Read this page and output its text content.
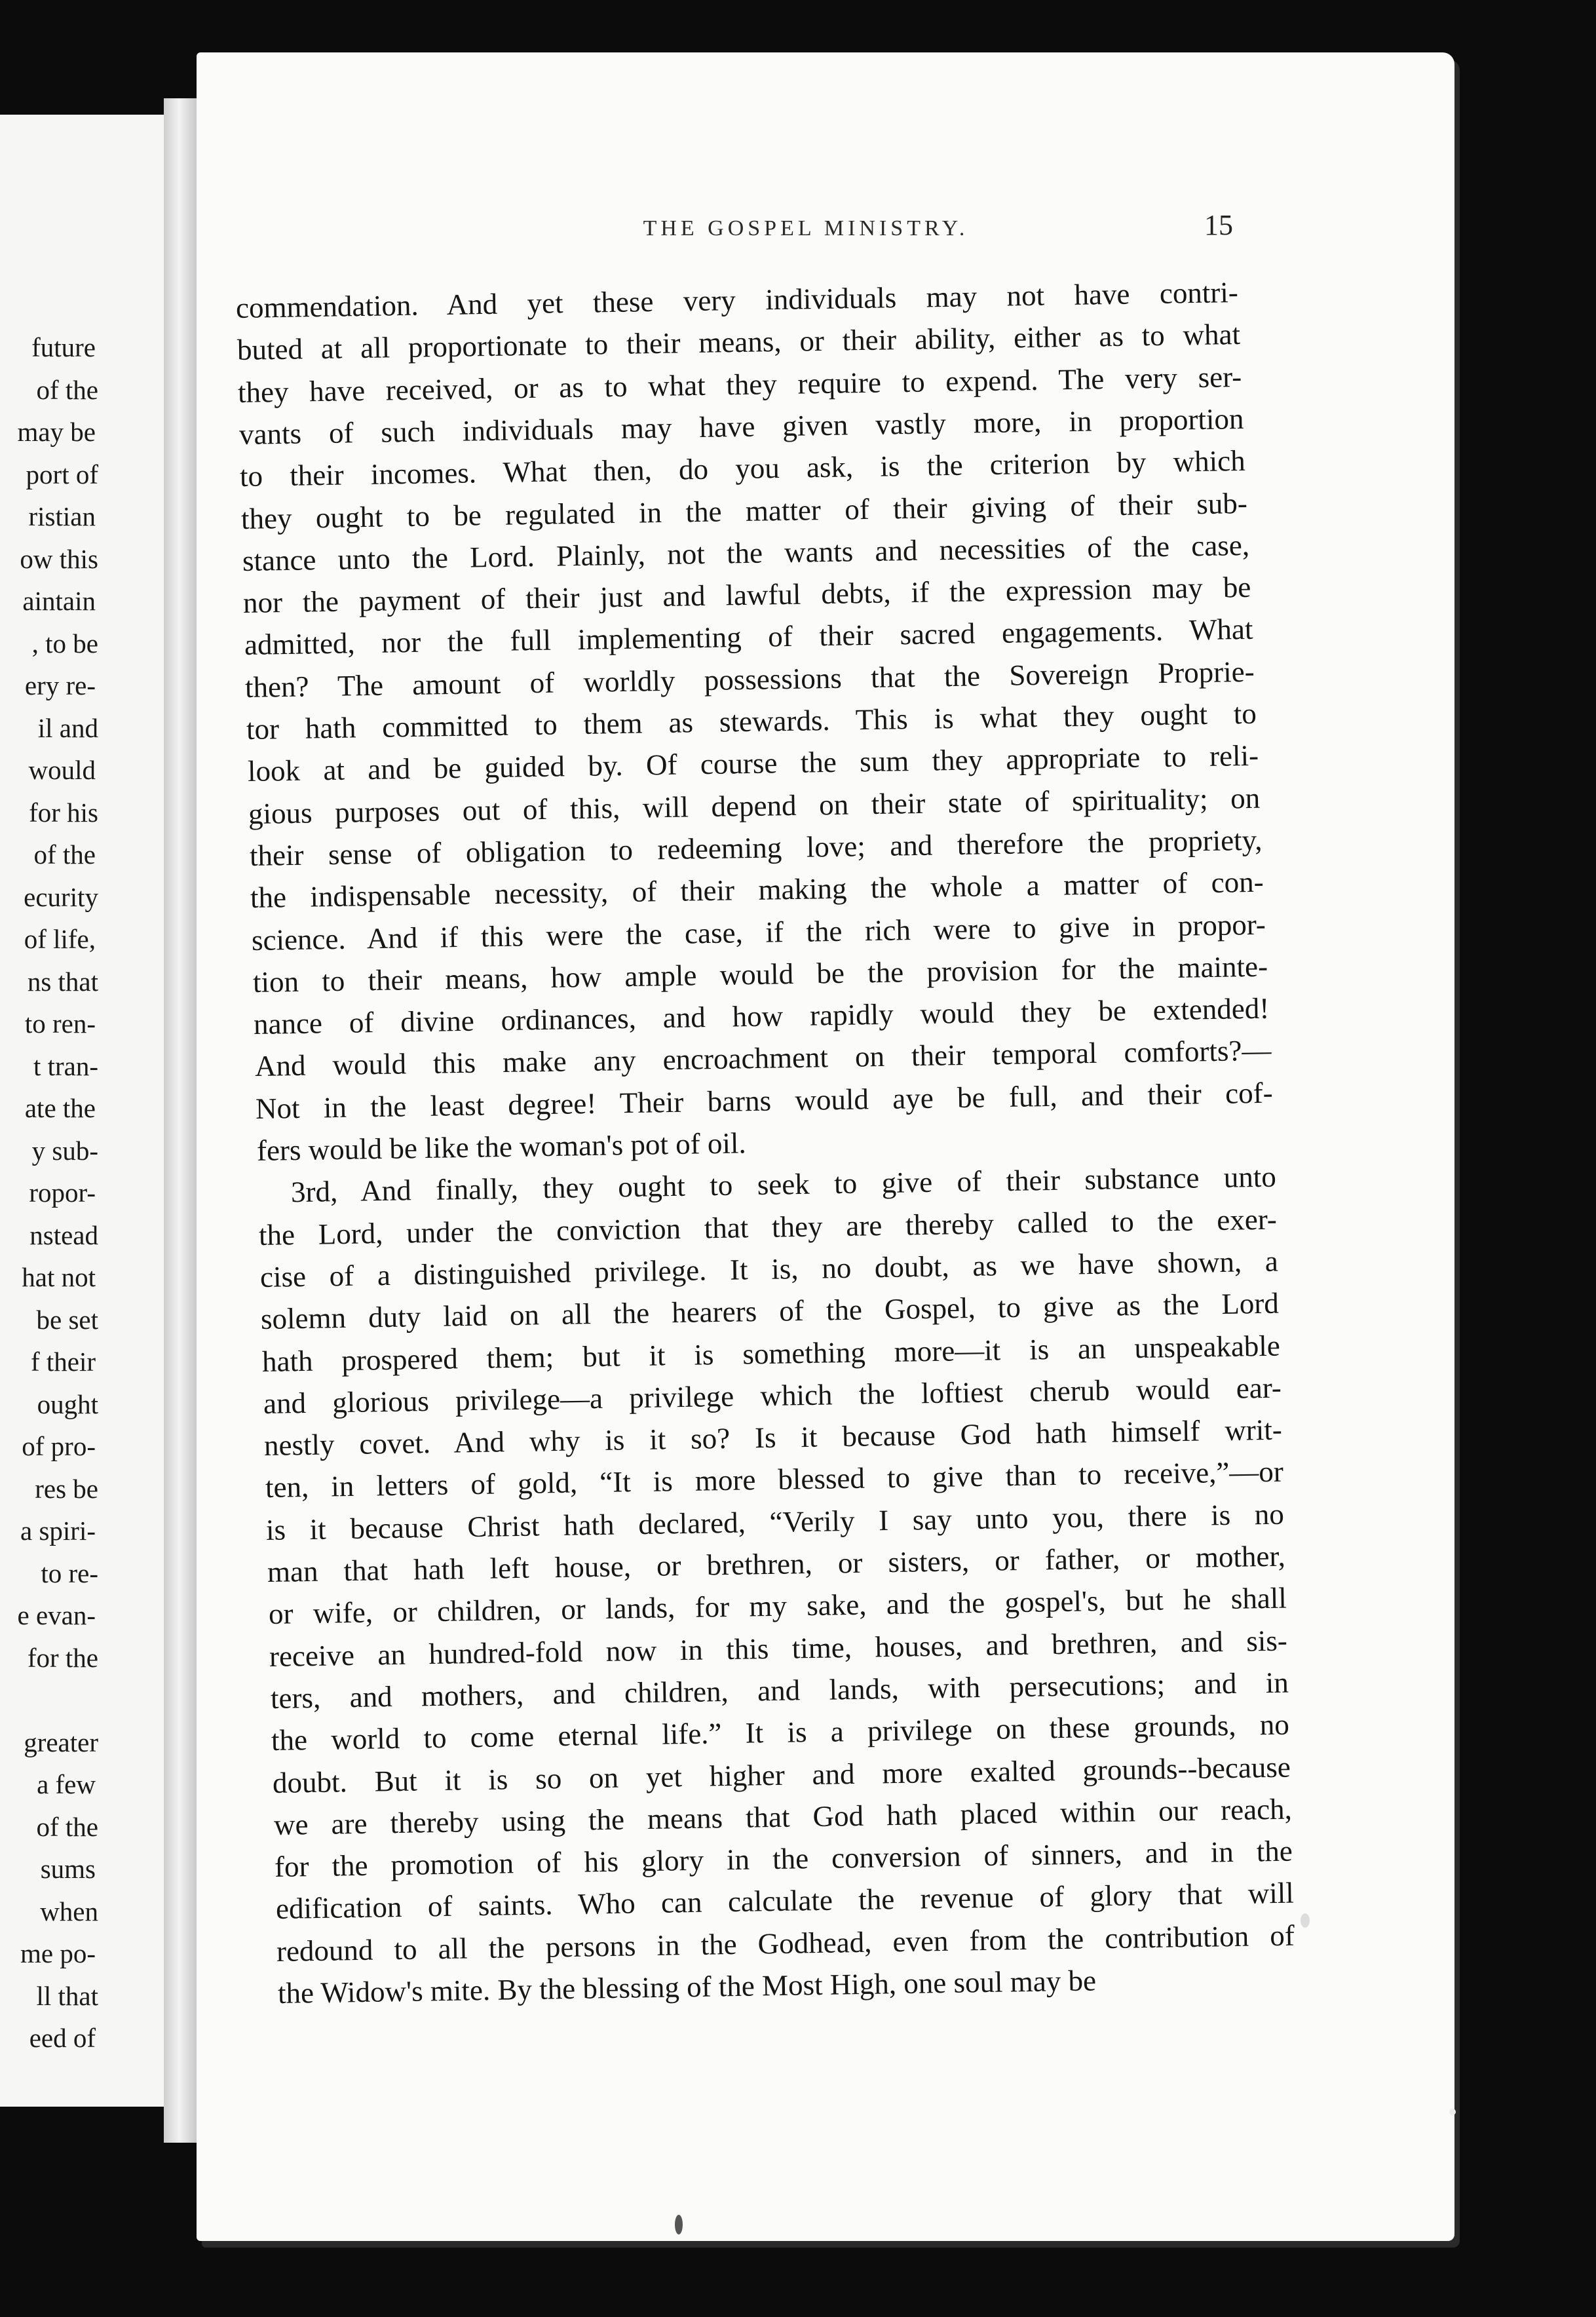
future
of the
may be
port of
ristian
ow this
aintain
, to be
ery re-
il and
would
for his
of the
ecurity
of life,
ns that
to ren-
t tran-
ate the
y sub-
ropor-
nstead
hat not
be set
f their
ought
of pro-
res be
a spiri-
to re-
e evan-
for the
greater
a few
of the
sums
when
me po-
ll that
eed of
THE GOSPEL MINISTRY.	15
commendation. And yet these very individuals may not have contri-
buted at all proportionate to their means, or their ability, either as to what
they have received, or as to what they require to expend. The very ser-
vants of such individuals may have given vastly more, in proportion
to their incomes. What then, do you ask, is the criterion by which
they ought to be regulated in the matter of their giving of their sub-
stance unto the Lord. Plainly, not the wants and necessities of the case,
nor the payment of their just and lawful debts, if the expression may be
admitted, nor the full implementing of their sacred engagements. What
then? The amount of worldly possessions that the Sovereign Proprie-
tor hath committed to them as stewards. This is what they ought to
look at and be guided by. Of course the sum they appropriate to reli-
gious purposes out of this, will depend on their state of spirituality; on
their sense of obligation to redeeming love; and therefore the propriety,
the indispensable necessity, of their making the whole a matter of con-
science. And if this were the case, if the rich were to give in propor-
tion to their means, how ample would be the provision for the mainte-
nance of divine ordinances, and how rapidly would they be extended!
And would this make any encroachment on their temporal comforts?—
Not in the least degree! Their barns would aye be full, and their cof-
fers would be like the woman's pot of oil.
3rd, And finally, they ought to seek to give of their substance unto
the Lord, under the conviction that they are thereby called to the exer-
cise of a distinguished privilege. It is, no doubt, as we have shown, a
solemn duty laid on all the hearers of the Gospel, to give as the Lord
hath prospered them; but it is something more—it is an unspeakable
and glorious privilege—a privilege which the loftiest cherub would ear-
nestly covet. And why is it so? Is it because God hath himself writ-
ten, in letters of gold, “It is more blessed to give than to receive,”—or
is it because Christ hath declared, “Verily I say unto you, there is no
man that hath left house, or brethren, or sisters, or father, or mother,
or wife, or children, or lands, for my sake, and the gospel's, but he shall
receive an hundred-fold now in this time, houses, and brethren, and sis-
ters, and mothers, and children, and lands, with persecutions; and in
the world to come eternal life.” It is a privilege on these grounds, no
doubt. But it is so on yet higher and more exalted grounds--because
we are thereby using the means that God hath placed within our reach,
for the promotion of his glory in the conversion of sinners, and in the
edification of saints. Who can calculate the revenue of glory that will
redound to all the persons in the Godhead, even from the contribution of
the Widow's mite. By the blessing of the Most High, one soul may be
